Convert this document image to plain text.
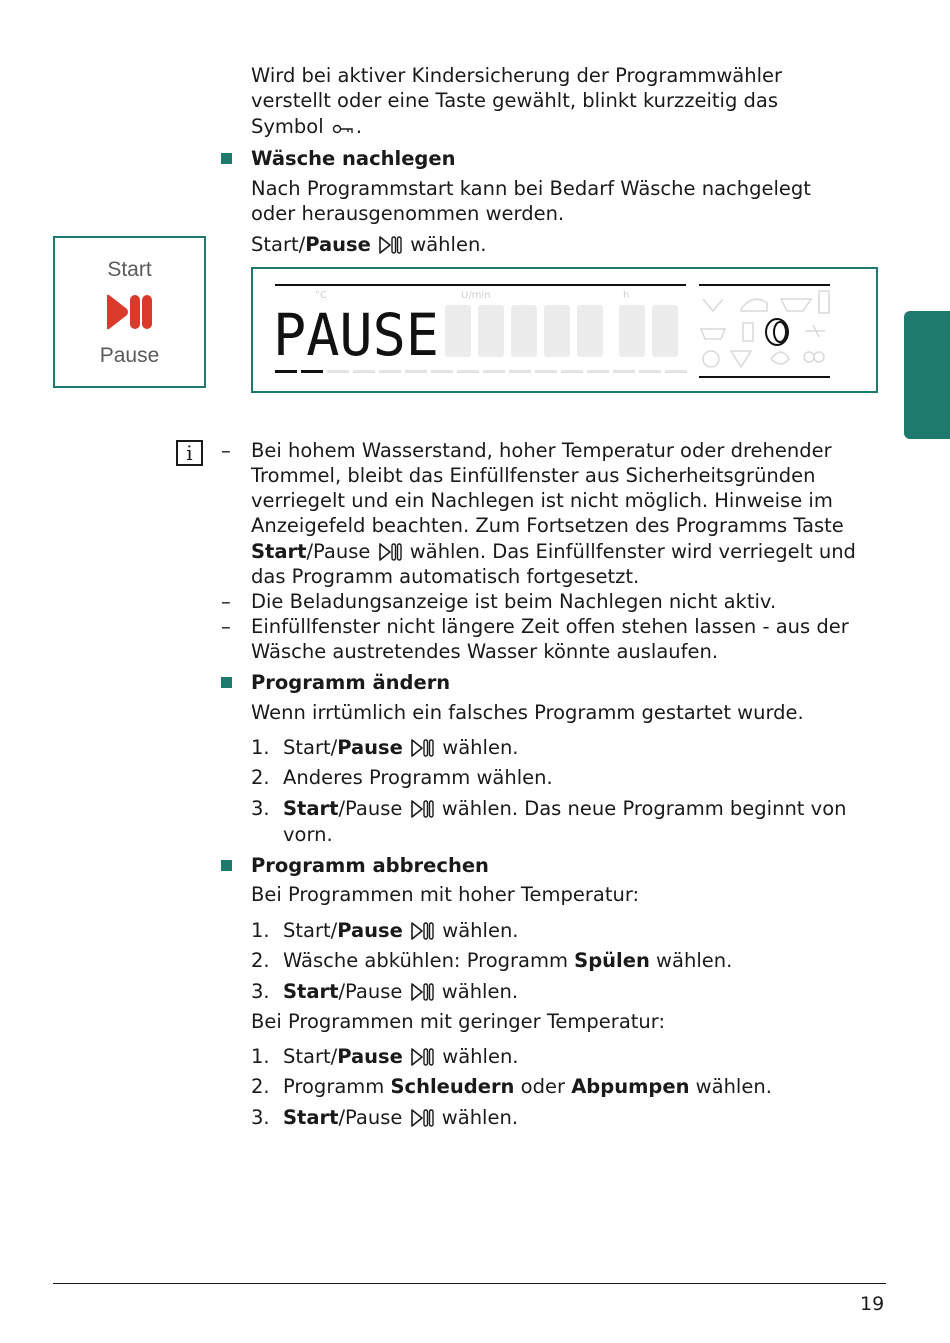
Wird bei aktiver Kindersicherung der Programmwähler
verstellt oder eine Taste gewählt, blinkt kurzzeitig das
Symbol .
Wäsche nachlegen
Nach Programmstart kann bei Bedarf Wäsche nachgelegt
oder herausgenommen werden.
Start/Pause  wählen.
Start
Pause
°C	U/min	h
PAUSE
i	– Bei hohem Wasserstand, hoher Temperatur oder drehender
Trommel, bleibt das Einfüllfenster aus Sicherheitsgründen
verriegelt und ein Nachlegen ist nicht möglich. Hinweise im
Anzeigefeld beachten. Zum Fortsetzen des Programms Taste
Start/Pause  wählen. Das Einfüllfenster wird verriegelt und
das Programm automatisch fortgesetzt.
– Die Beladungsanzeige ist beim Nachlegen nicht aktiv.
– Einfüllfenster nicht längere Zeit offen stehen lassen - aus der
Wäsche austretendes Wasser könnte auslaufen.
Programm ändern
Wenn irrtümlich ein falsches Programm gestartet wurde.
1. Start/Pause  wählen.
2. Anderes Programm wählen.
3. Start/Pause  wählen. Das neue Programm beginnt von
vorn.
Programm abbrechen
Bei Programmen mit hoher Temperatur:
1. Start/Pause  wählen.
2. Wäsche abkühlen: Programm Spülen wählen.
3. Start/Pause  wählen.
Bei Programmen mit geringer Temperatur:
1. Start/Pause  wählen.
2. Programm Schleudern oder Abpumpen wählen.
3. Start/Pause  wählen.
19
